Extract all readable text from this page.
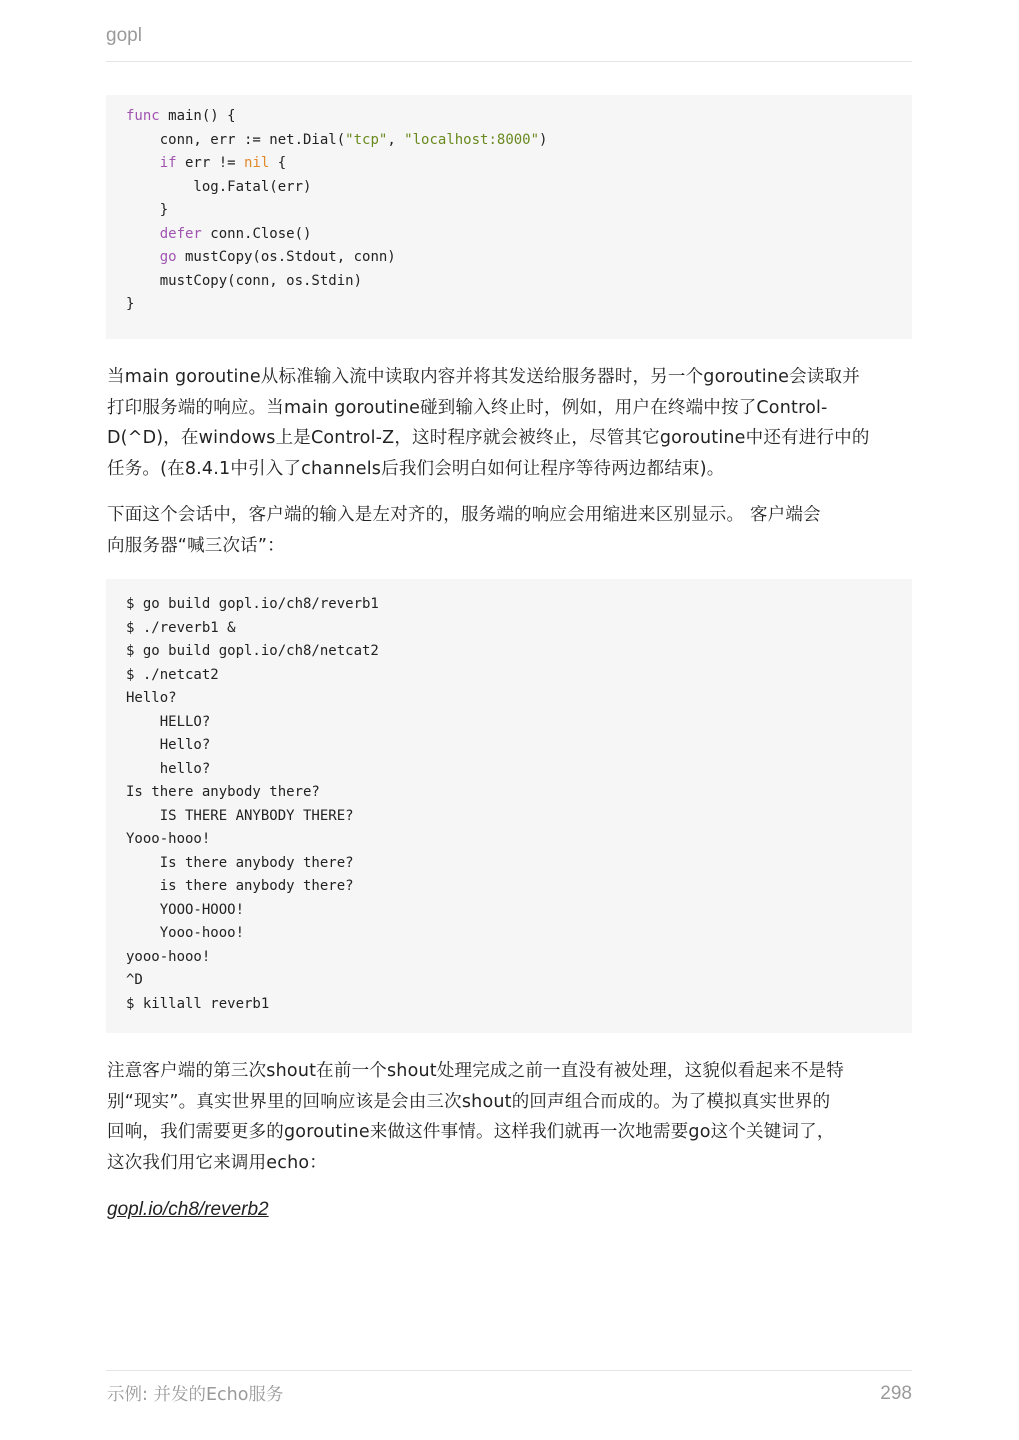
gopl
func main() {
conn, err := net.Dial("tcp", "localhost:8000")
if err != nil {
log.Fatal(err)
}
defer conn.Close()
go mustCopy(os.Stdout, conn)
mustCopy(conn, os.Stdin)
}

当main goroutine从标准输入流中读取内容并将其发送给服务器时，另一个goroutine会读取并
打印服务端的响应。当main goroutine碰到输入终止时，例如，用户在终端中按了Control-
D(^D)，在windows上是Control-Z，这时程序就会被终止，尽管其它goroutine中还有进行中的
任务。(在8.4.1中引入了channels后我们会明白如何让程序等待两边都结束)。

下面这个会话中，客户端的输入是左对齐的，服务端的响应会用缩进来区别显示。 客户端会
向服务器“喊三次话”：

$ go build gopl.io/ch8/reverb1
$ ./reverb1 &
$ go build gopl.io/ch8/netcat2
$ ./netcat2
Hello?
HELLO?
Hello?
hello?
Is there anybody there?
IS THERE ANYBODY THERE?
Yooo-hooo!
Is there anybody there?
is there anybody there?
YOOO-HOOO!
Yooo-hooo!
yooo-hooo!
^D
$ killall reverb1

注意客户端的第三次shout在前一个shout处理完成之前一直没有被处理，这貌似看起来不是特
别“现实”。真实世界里的回响应该是会由三次shout的回声组合而成的。为了模拟真实世界的
回响，我们需要更多的goroutine来做这件事情。这样我们就再一次地需要go这个关键词了，
这次我们用它来调用echo：

gopl.io/ch8/reverb2
示例: 并发的Echo服务	298
